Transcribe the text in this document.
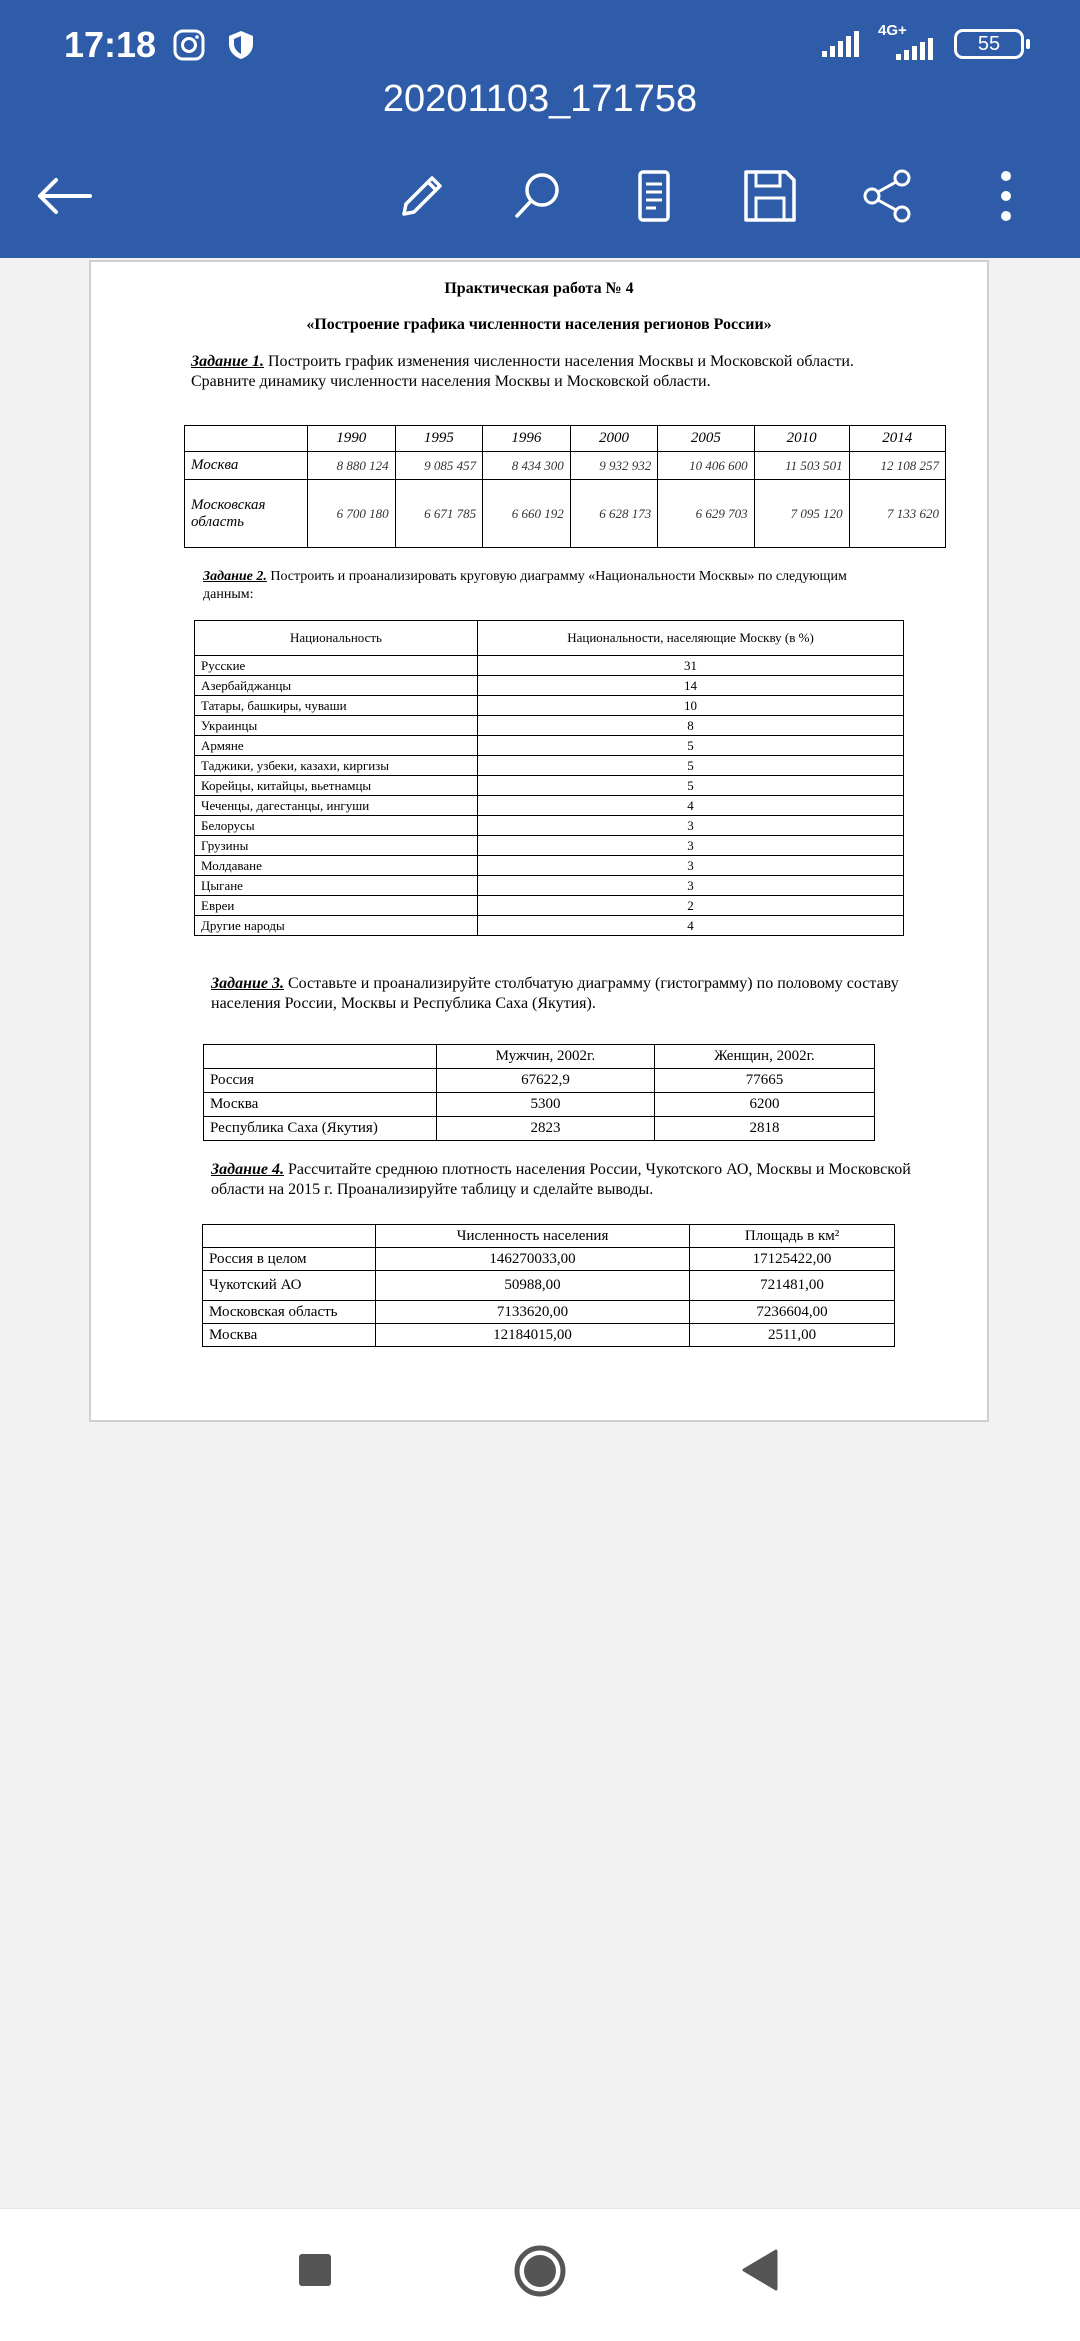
17:18	4G+
55
20201103_171758
Практическая работа № 4
«Построение графика численности населения регионов России»
Задание 1. Построить график изменения численности населения Москвы и Московской области. Сравните динамику численности населения Москвы и Московской области.
	1990	1995	1996	2000	2005	2010	2014
Москва	8 880 124	9 085 457	8 434 300	9 932 932	10 406 600	11 503 501	12 108 257
Московская область	6 700 180	6 671 785	6 660 192	6 628 173	6 629 703	7 095 120	7 133 620
Задание 2. Построить и проанализировать круговую диаграмму «Национальности Москвы» по следующим данным:
Национальность	Национальности, населяющие Москву (в %)
Русские	31
Азербайджанцы	14
Татары, башкиры, чуваши	10
Украинцы	8
Армяне	5
Таджики, узбеки, казахи, киргизы	5
Корейцы, китайцы, вьетнамцы	5
Чеченцы, дагестанцы, ингуши	4
Белорусы	3
Грузины	3
Молдаване	3
Цыгане	3
Евреи	2
Другие народы	4
Задание 3. Составьте и проанализируйте столбчатую диаграмму (гистограмму) по половому составу населения России, Москвы и Республика Саха (Якутия).
	Мужчин, 2002г.	Женщин, 2002г.
Россия	67622,9	77665
Москва	5300	6200
Республика Саха (Якутия)	2823	2818
Задание 4. Рассчитайте среднюю плотность населения России, Чукотского АО, Москвы и Московской области на 2015 г. Проанализируйте таблицу и сделайте выводы.
	Численность населения	Площадь в км²
Россия в целом	146270033,00	17125422,00
Чукотский АО	50988,00	721481,00
Московская область	7133620,00	7236604,00
Москва	12184015,00	2511,00
